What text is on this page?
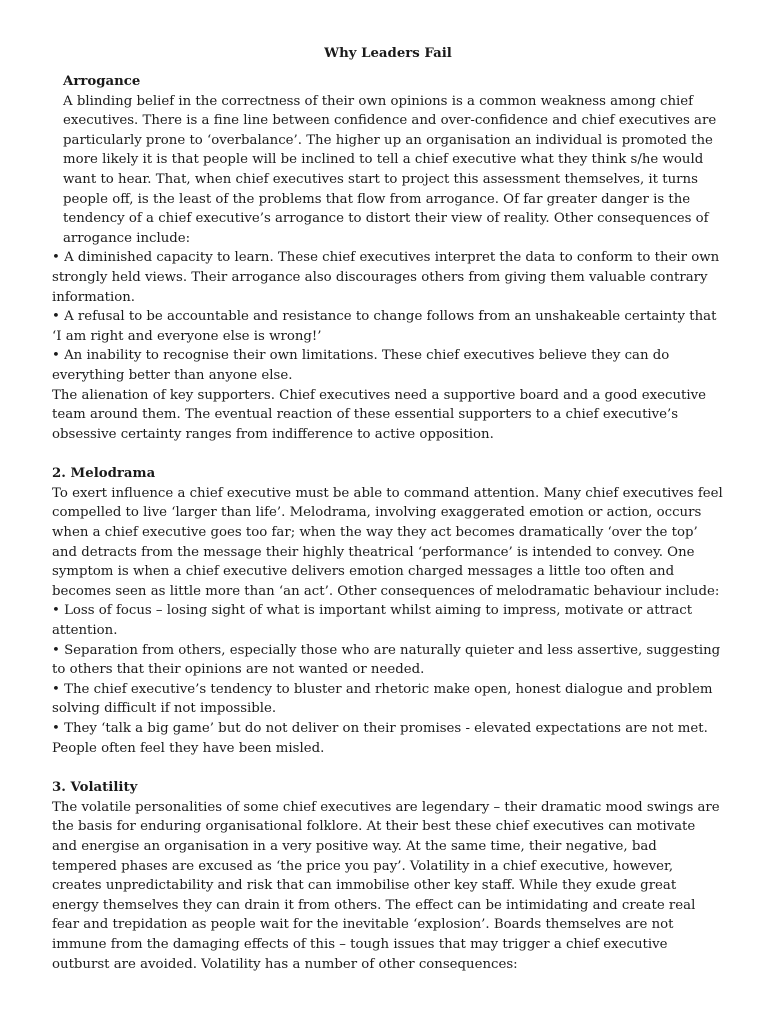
Why Leaders Fail
Arrogance

A blinding belief in the correctness of their own opinions is a common weakness among chief executives. There is a fine line between confidence and over-confidence and chief executives are particularly prone to ‘overbalance’. The higher up an organisation an individual is promoted the more likely it is that people will be inclined to tell a chief executive what they think s/he would want to hear. That, when chief executives start to project this assessment themselves, it turns people off, is the least of the problems that flow from arrogance. Of far greater danger is the tendency of a chief executive’s arrogance to distort their view of reality. Other consequences of arrogance include:

• A diminished capacity to learn. These chief executives interpret the data to conform to their own strongly held views. Their arrogance also discourages others from giving them valuable contrary information.

• A refusal to be accountable and resistance to change follows from an unshakeable certainty that ‘I am right and everyone else is wrong!’

• An inability to recognise their own limitations. These chief executives believe they can do everything better than anyone else.

The alienation of key supporters. Chief executives need a supportive board and a good executive team around them. The eventual reaction of these essential supporters to a chief executive’s obsessive certainty ranges from indifference to active opposition.

2. Melodrama

To exert influence a chief executive must be able to command attention. Many chief executives feel compelled to live ‘larger than life’. Melodrama, involving exaggerated emotion or action, occurs when a chief executive goes too far; when the way they act becomes dramatically ‘over the top’ and detracts from the message their highly theatrical ‘performance’ is intended to convey. One symptom is when a chief executive delivers emotion charged messages a little too often and becomes seen as little more than ‘an act’. Other consequences of melodramatic behaviour include:

• Loss of focus – losing sight of what is important whilst aiming to impress, motivate or attract attention.

• Separation from others, especially those who are naturally quieter and less assertive, suggesting to others that their opinions are not wanted or needed.

• The chief executive’s tendency to bluster and rhetoric make open, honest dialogue and problem solving difficult if not impossible.

• They ‘talk a big game’ but do not deliver on their promises - elevated expectations are not met. People often feel they have been misled.

3. Volatility

The volatile personalities of some chief executives are legendary – their dramatic mood swings are the basis for enduring organisational folklore. At their best these chief executives can motivate and energise an organisation in a very positive way. At the same time, their negative, bad tempered phases are excused as ‘the price you pay’. Volatility in a chief executive, however, creates unpredictability and risk that can immobilise other key staff. While they exude great energy themselves they can drain it from others. The effect can be intimidating and create real fear and trepidation as people wait for the inevitable ‘explosion’. Boards themselves are not immune from the damaging effects of this – tough issues that may trigger a chief executive outburst are avoided. Volatility has a number of other consequences:
